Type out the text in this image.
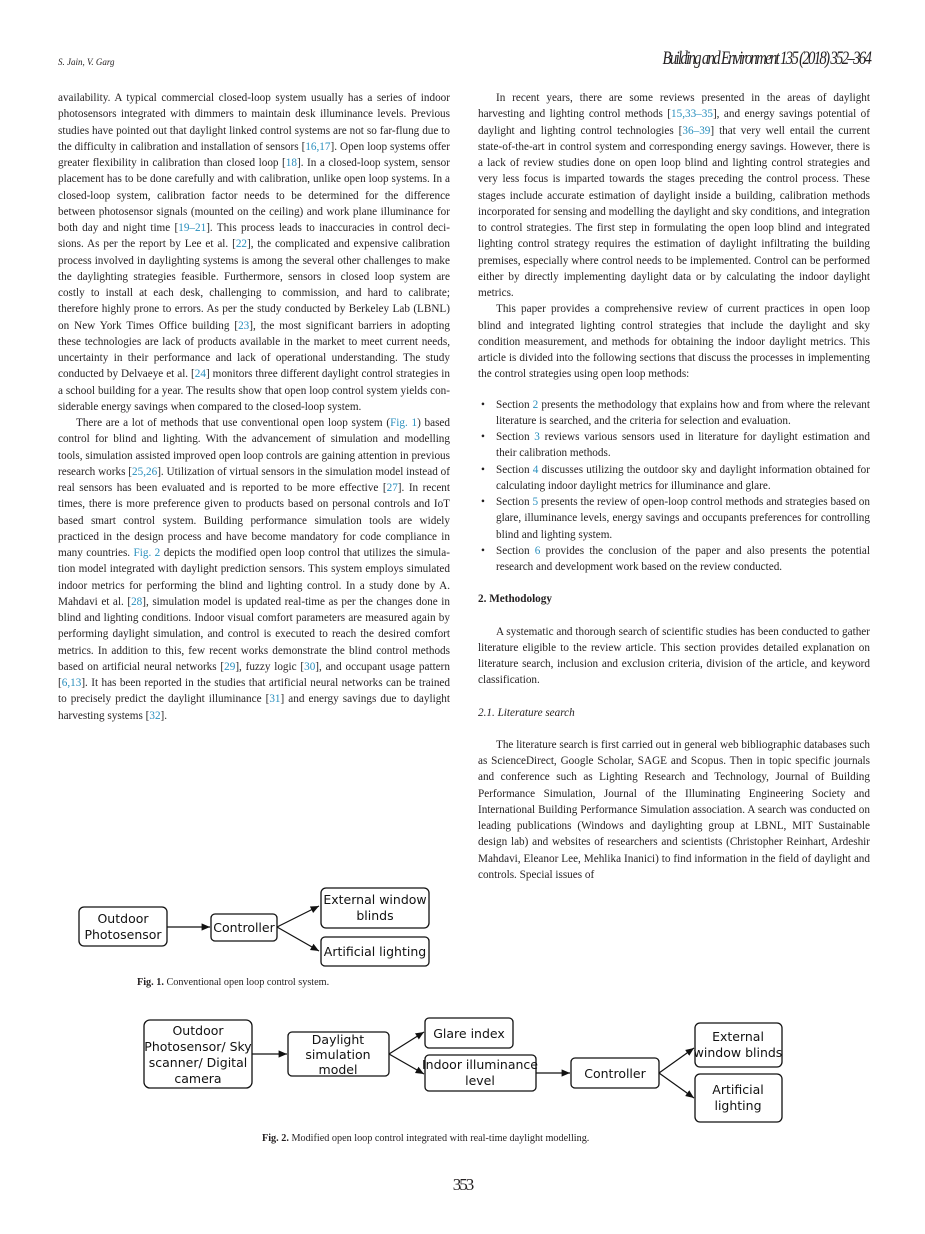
S. Jain, V. Garg	Building and Environment 135 (2018) 352–364

availability. A typical commercial closed-loop system usually has a series of indoor photosensors integrated with dimmers to maintain desk illuminance levels. Previous studies have pointed out that daylight linked control systems are not so far-flung due to the difficulty in calibration and installation of sensors [16,17]. Open loop systems offer greater flexibility in calibration than closed loop [18]. In a closed-loop system, sensor placement has to be done carefully and with calibration, unlike open loop systems. In a closed-loop system, calibration factor needs to be determined for the difference between photosensor signals (mounted on the ceiling) and work plane illuminance for both day and night time [19–21]. This process leads to inaccuracies in control decisions. As per the report by Lee et al. [22], the complicated and expensive calibration process involved in daylighting systems is among the several other challenges to make the daylighting strategies feasible. Furthermore, sensors in closed loop system are costly to install at each desk, challenging to commission, and hard to calibrate; therefore highly prone to errors. As per the study conducted by Berkeley Lab (LBNL) on New York Times Office building [23], the most significant barriers in adopting these technologies are lack of products available in the market to meet current needs, uncertainty in their performance and lack of operational understanding. The study conducted by Delvaeye et al. [24] monitors three different daylight control strategies in a school building for a year. The results show that open loop control system yields considerable energy savings when compared to the closed-loop system.

There are a lot of methods that use conventional open loop system (Fig. 1) based control for blind and lighting. With the advancement of simulation and modelling tools, simulation assisted improved open loop controls are gaining attention in previous research works [25,26]. Utilization of virtual sensors in the simulation model instead of real sensors has been evaluated and is reported to be more effective [27]. In recent times, there is more preference given to products based on personal controls and IoT based smart control system. Building performance simulation tools are widely practiced in the design process and have become mandatory for code compliance in many countries. Fig. 2 depicts the modified open loop control that utilizes the simulation model integrated with daylight prediction sensors. This system employs simulated indoor metrics for performing the blind and lighting control. In a study done by A. Mahdavi et al. [28], simulation model is updated real-time as per the changes done in blind and lighting conditions. Indoor visual comfort parameters are measured again by performing daylight simulation, and control is executed to reach the desired comfort metrics. In addition to this, few recent works demonstrate the blind control methods based on artificial neural networks [29], fuzzy logic [30], and occupant usage pattern [6,13]. It has been reported in the studies that artificial neural networks can be trained to precisely predict the daylight illuminance [31] and energy savings due to daylight harvesting systems [32].

In recent years, there are some reviews presented in the areas of daylight harvesting and lighting control methods [15,33–35], and energy savings potential of daylight and lighting control technologies [36–39] that very well entail the current state-of-the-art in control system and corresponding energy savings. However, there is a lack of review studies done on open loop blind and lighting control strategies and very less focus is imparted towards the stages preceding the control process. These stages include accurate estimation of daylight inside a building, calibration methods incorporated for sensing and modelling the daylight and sky conditions, and integration to control strategies. The first step in formulating the open loop blind and integrated lighting control strategy requires the estimation of daylight infiltrating the building premises, especially where control needs to be implemented. Control can be performed either by directly implementing daylight data or by calculating the indoor daylight metrics.

This paper provides a comprehensive review of current practices in open loop blind and integrated lighting control strategies that include the daylight and sky condition measurement, and methods for obtaining the indoor daylight metrics. This article is divided into the following sections that discuss the processes in implementing the control strategies using open loop methods:

• Section 2 presents the methodology that explains how and from where the relevant literature is searched, and the criteria for selection and evaluation.
• Section 3 reviews various sensors used in literature for daylight estimation and their calibration methods.
• Section 4 discusses utilizing the outdoor sky and daylight information obtained for calculating indoor daylight metrics for illuminance and glare.
• Section 5 presents the review of open-loop control methods and strategies based on glare, illuminance levels, energy savings and occupants preferences for controlling blind and lighting system.
• Section 6 provides the conclusion of the paper and also presents the potential research and development work based on the review conducted.

2. Methodology

A systematic and thorough search of scientific studies has been conducted to gather literature eligible to the review article. This section provides detailed explanation on literature search, inclusion and exclusion criteria, division of the article, and keyword classification.

2.1. Literature search

The literature search is first carried out in general web bibliographic databases such as ScienceDirect, Google Scholar, SAGE and Scopus. Then in topic specific journals and conference such as Lighting Research and Technology, Journal of Building Performance Simulation, Journal of the Illuminating Engineering Society and International Building Performance Simulation association. A search was conducted on leading publications (Windows and daylighting group at LBNL, MIT Sustainable design lab) and websites of researchers and scientists (Christopher Reinhart, Ardeshir Mahdavi, Eleanor Lee, Mehlika Inanici) to find information in the field of daylight and controls. Special issues of

Outdoor
Photosensor	Controller
External window
blinds
Artificial lighting
Fig. 1. Conventional open loop control system.
Outdoor
Photosensor/ Sky
scanner/ Digital
camera
Daylight
simulation
model
Glare index
Indoor illuminance
level	Controller
External
window blinds
Artificial
lighting
Fig. 2. Modified open loop control integrated with real-time daylight modelling.
353
